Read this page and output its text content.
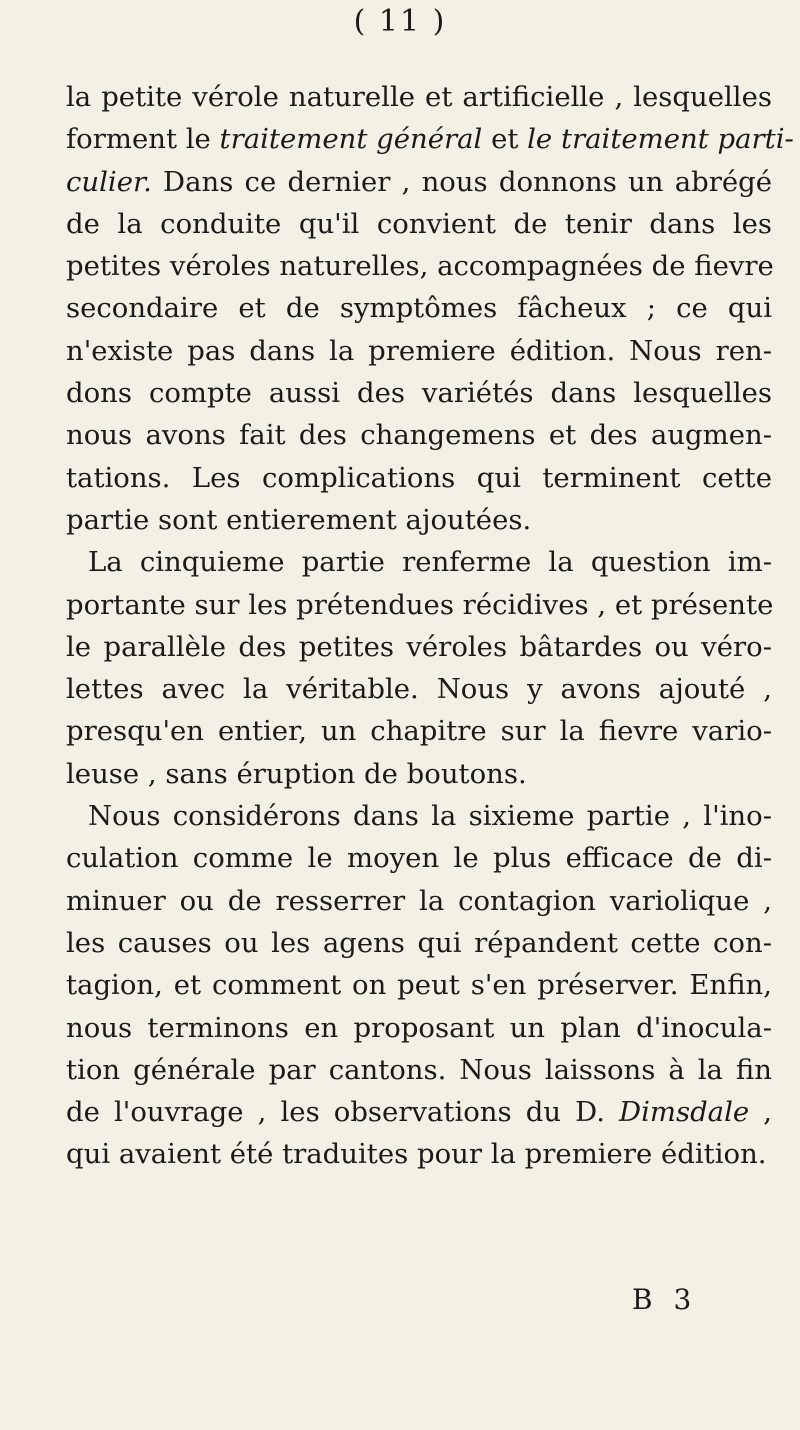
( 11 )
la petite vérole naturelle et artificielle , lesquelles
forment le traitement général et le traitement parti-
culier. Dans ce dernier , nous donnons un abrégé
de la conduite qu'il convient de tenir dans les
petites véroles naturelles, accompagnées de fievre
secondaire et de symptômes fâcheux ; ce qui
n'existe pas dans la premiere édition. Nous ren-
dons compte aussi des variétés dans lesquelles
nous avons fait des changemens et des augmen-
tations. Les complications qui terminent cette
partie sont entierement ajoutées.
La cinquieme partie renferme la question im-
portante sur les prétendues récidives , et présente
le parallèle des petites véroles bâtardes ou véro-
lettes avec la véritable. Nous y avons ajouté ,
presqu'en entier, un chapitre sur la fievre vario-
leuse , sans éruption de boutons.
Nous considérons dans la sixieme partie , l'ino-
culation comme le moyen le plus efficace de di-
minuer ou de resserrer la contagion variolique ,
les causes ou les agens qui répandent cette con-
tagion, et comment on peut s'en préserver. Enfin,
nous terminons en proposant un plan d'inocula-
tion générale par cantons. Nous laissons à la fin
de l'ouvrage , les observations du D. Dimsdale ,
qui avaient été traduites pour la premiere édition.
B 3
